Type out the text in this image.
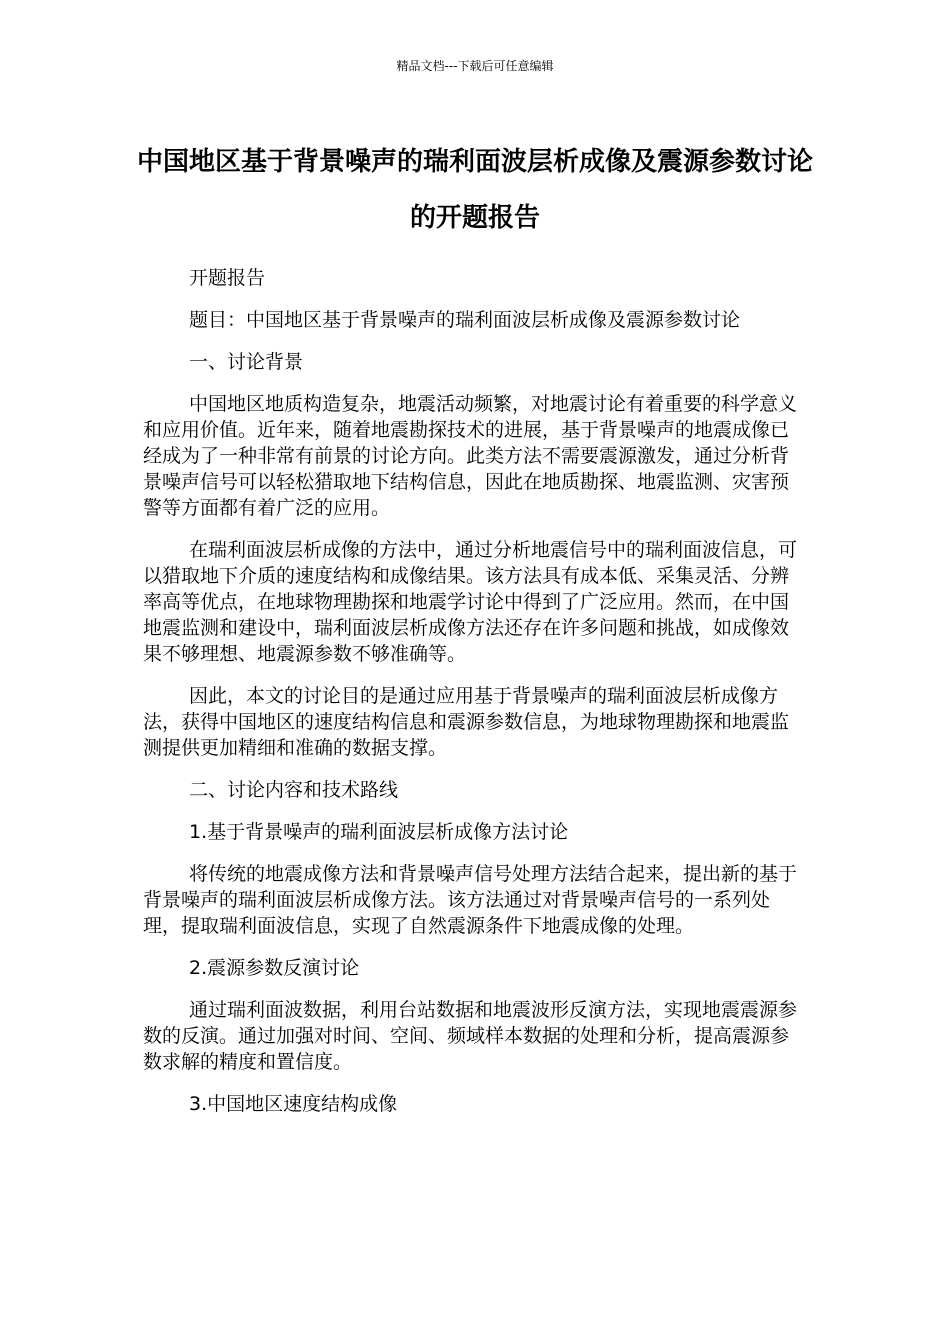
精品文档---下载后可任意编辑
中国地区基于背景噪声的瑞利面波层析成像及震源参数讨论的开题报告

开题报告

题目：中国地区基于背景噪声的瑞利面波层析成像及震源参数讨论

一、讨论背景

中国地区地质构造复杂，地震活动频繁，对地震讨论有着重要的科学意义和应用价值。近年来，随着地震勘探技术的进展，基于背景噪声的地震成像已经成为了一种非常有前景的讨论方向。此类方法不需要震源激发，通过分析背景噪声信号可以轻松猎取地下结构信息，因此在地质勘探、地震监测、灾害预警等方面都有着广泛的应用。

在瑞利面波层析成像的方法中，通过分析地震信号中的瑞利面波信息，可以猎取地下介质的速度结构和成像结果。该方法具有成本低、采集灵活、分辨率高等优点，在地球物理勘探和地震学讨论中得到了广泛应用。然而，在中国地震监测和建设中，瑞利面波层析成像方法还存在许多问题和挑战，如成像效果不够理想、地震源参数不够准确等。

因此，本文的讨论目的是通过应用基于背景噪声的瑞利面波层析成像方法，获得中国地区的速度结构信息和震源参数信息，为地球物理勘探和地震监测提供更加精细和准确的数据支撑。

二、讨论内容和技术路线

1.基于背景噪声的瑞利面波层析成像方法讨论

将传统的地震成像方法和背景噪声信号处理方法结合起来，提出新的基于背景噪声的瑞利面波层析成像方法。该方法通过对背景噪声信号的一系列处理，提取瑞利面波信息，实现了自然震源条件下地震成像的处理。

2.震源参数反演讨论

通过瑞利面波数据，利用台站数据和地震波形反演方法，实现地震震源参数的反演。通过加强对时间、空间、频域样本数据的处理和分析，提高震源参数求解的精度和置信度。

3.中国地区速度结构成像
